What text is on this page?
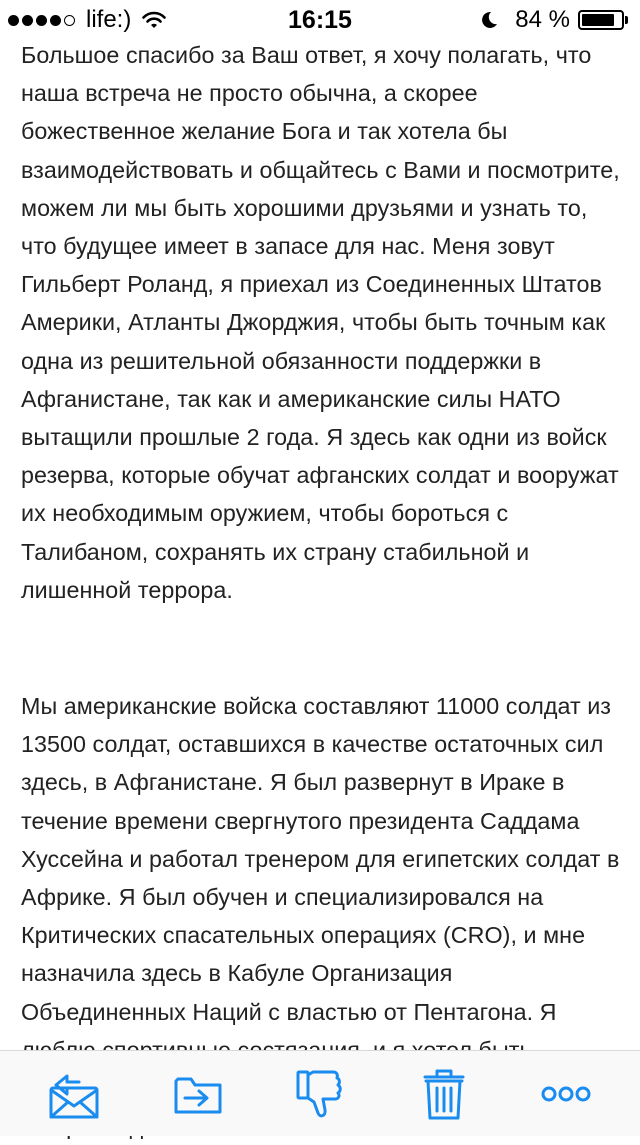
life:)	16:15	84 %

Большое спасибо за Ваш ответ, я хочу полагать, что наша встреча не просто обычна, а скорее божественное желание Бога и так хотела бы взаимодействовать и общайтесь с Вами и посмотрите, можем ли мы быть хорошими друзьями и узнать то, что будущее имеет в запасе для нас. Меня зовут Гильберт Роланд, я приехал из Соединенных Штатов Америки, Атланты Джорджия, чтобы быть точным как одна из решительной обязанности поддержки в Афганистане, так как и американские силы НАТО вытащили прошлые 2 года. Я здесь как одни из войск резерва, которые обучат афганских солдат и вооружат их необходимым оружием, чтобы бороться с Талибаном, сохранять их страну стабильной и лишенной террора.

Мы американские войска составляют 11000 солдат из 13500 солдат, оставшихся в качестве остаточных сил здесь, в Афганистане. Я был развернут в Ираке в течение времени свергнутого президента Саддама Хуссейна и работал тренером для египетских солдат в Африке. Я был обучен и специализировался на Критических спасательных операциях (CRO), и мне назначила здесь в Кабуле Организация Объединенных Наций с властью от Пентагона. Я
